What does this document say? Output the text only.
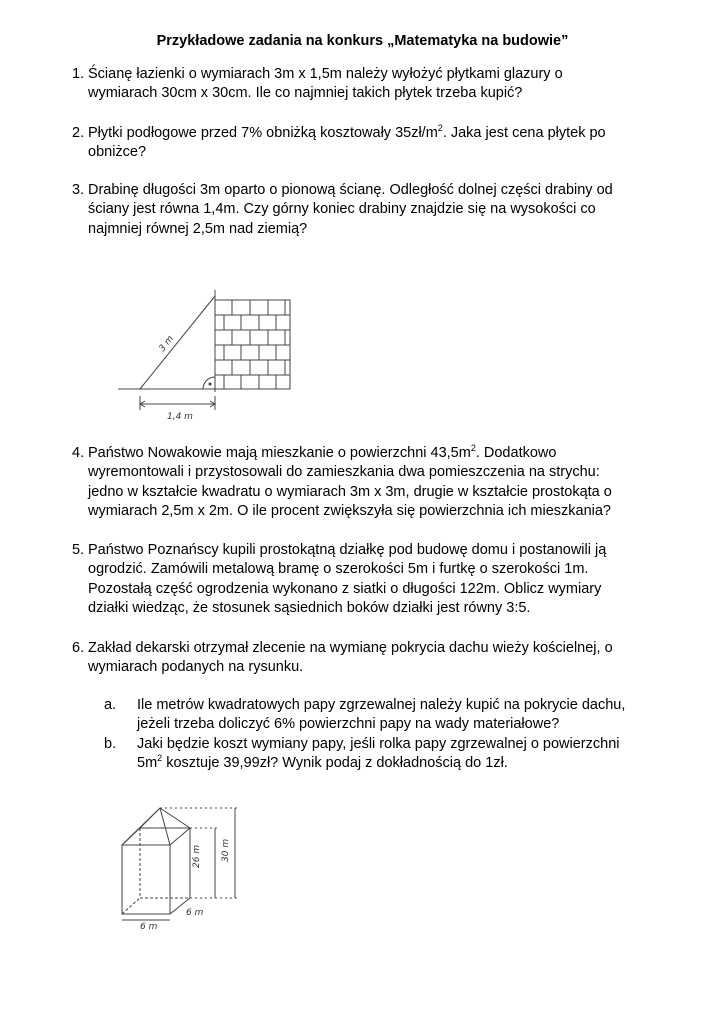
Przykładowe zadania na konkurs „Matematyka na budowie”
1. Ścianę łazienki o wymiarach 3m x 1,5m należy wyłożyć płytkami glazury o
wymiarach 30cm x 30cm. Ile co najmniej takich płytek trzeba kupić?
2. Płytki podłogowe przed 7% obniżką kosztowały $35zł/m^2$. Jaka jest cena płytek po
obniżce?
3. Drabinę długości 3m oparto o pionową ścianę. Odległość dolnej części drabiny od
ściany jest równa 1,4m. Czy górny koniec drabiny znajdzie się na wysokości co
najmniej równej 2,5m nad ziemią?
3 m
1,4 m
4. Państwo Nowakowie mają mieszkanie o powierzchni $43,5m^2$. Dodatkowo
wyremontowali i przystosowali do zamieszkania dwa pomieszczenia na strychu:
jedno w kształcie kwadratu o wymiarach 3m x 3m, drugie w kształcie prostokąta o
wymiarach 2,5m x 2m. O ile procent zwiększyła się powierzchnia ich mieszkania?
5. Państwo Poznańscy kupili prostokątną działkę pod budowę domu i postanowili ją
ogrodzić. Zamówili metalową bramę o szerokości 5m i furtkę o szerokości 1m.
Pozostałą część ogrodzenia wykonano z siatki o długości 122m. Oblicz wymiary
działki wiedząc, że stosunek sąsiednich boków działki jest równy 3:5.
6. Zakład dekarski otrzymał zlecenie na wymianę pokrycia dachu wieży kościelnej, o
wymiarach podanych na rysunku.
a. Ile metrów kwadratowych papy zgrzewalnej należy kupić na pokrycie dachu,
jeżeli trzeba doliczyć 6% powierzchni papy na wady materiałowe?
b. Jaki będzie koszt wymiany papy, jeśli rolka papy zgrzewalnej o powierzchni
$5m^2$ kosztuje 39,99zł? Wynik podaj z dokładnością do 1zł.
26 m 30 m
6 m
6 m
